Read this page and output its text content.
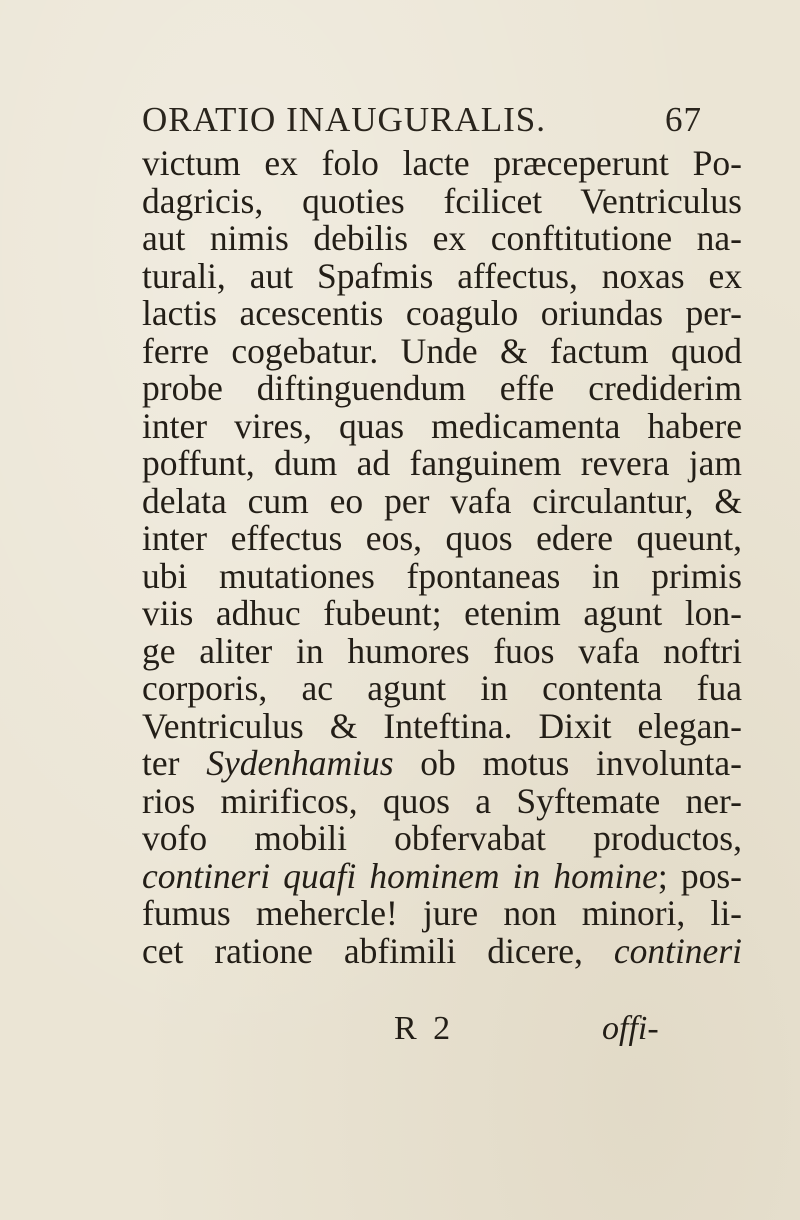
ORATIO INAUGURALIS.	67
victum ex folo lacte præceperunt Po-
dagricis, quoties fcilicet Ventriculus
aut nimis debilis ex conftitutione na-
turali, aut Spafmis affectus, noxas ex
lactis acescentis coagulo oriundas per-
ferre cogebatur. Unde & factum quod
probe diftinguendum effe crediderim
inter vires, quas medicamenta habere
poffunt, dum ad fanguinem revera jam
delata cum eo per vafa circulantur, &
inter effectus eos, quos edere queunt,
ubi mutationes fpontaneas in primis
viis adhuc fubeunt; etenim agunt lon-
ge aliter in humores fuos vafa noftri
corporis, ac agunt in contenta fua
Ventriculus & Inteftina. Dixit elegan-
ter Sydenhamius ob motus involunta-
rios mirificos, quos a Syftemate ner-
vofo mobili obfervabat productos,
contineri quafi hominem in homine; pos-
fumus mehercle! jure non minori, li-
cet ratione abfimili dicere, contineri
R 2	offi-
